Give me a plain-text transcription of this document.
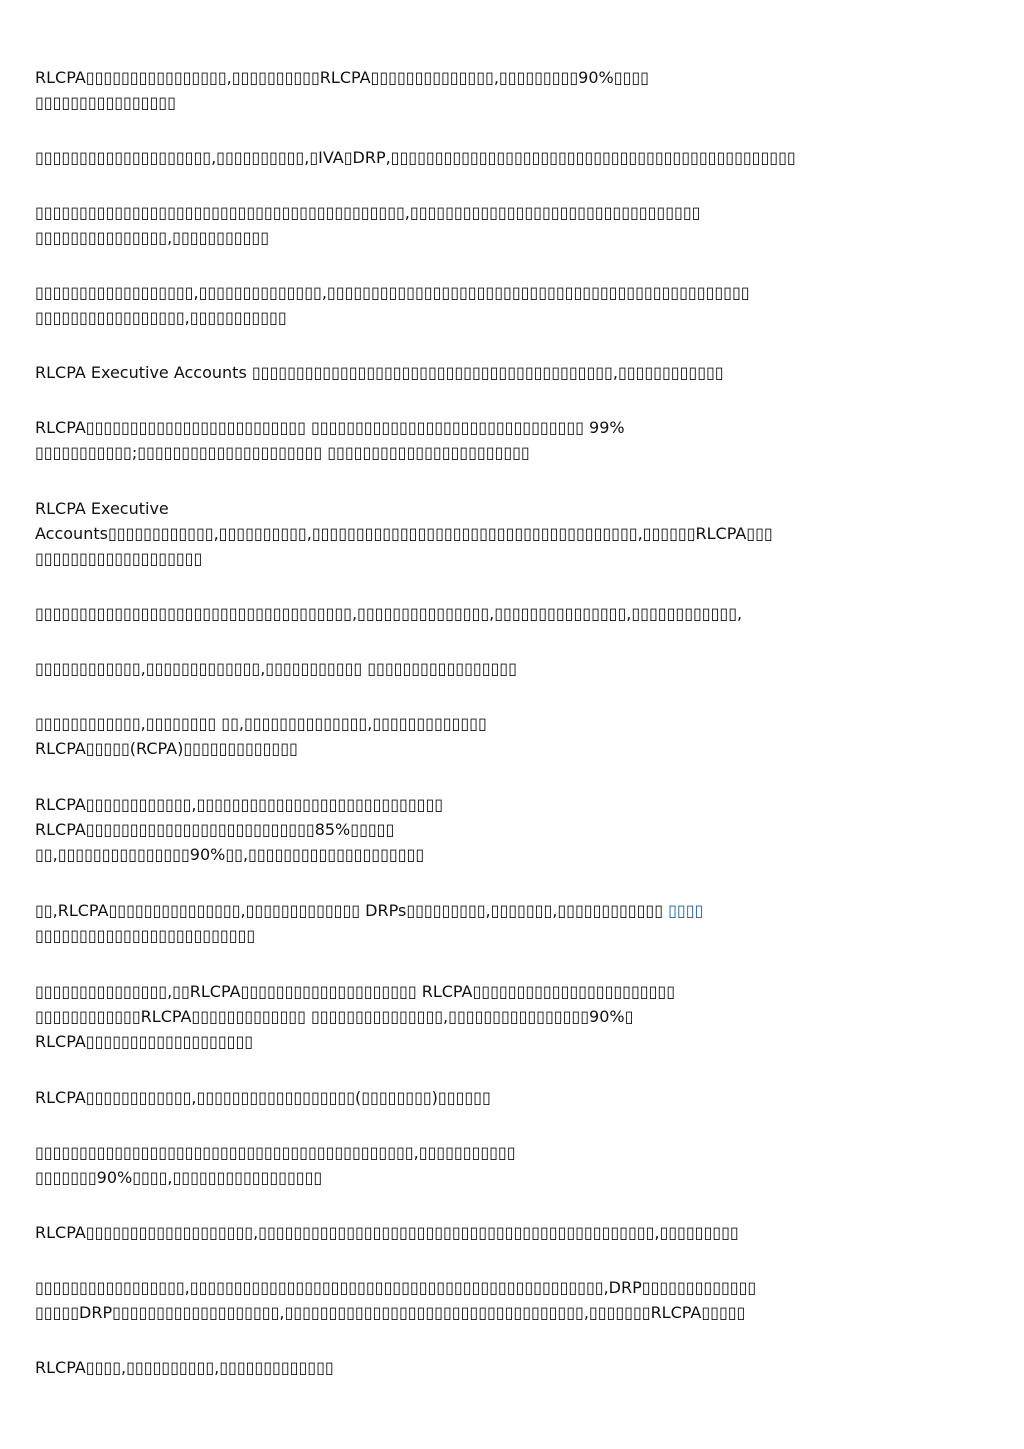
RLCPA▯▯▯▯▯▯▯▯▯▯▯▯▯▯▯▯,▯▯▯▯▯▯▯▯▯▯RLCPA▯▯▯▯▯▯▯▯▯▯▯▯▯▯,▯▯▯▯▯▯▯▯▯90%▯▯▯▯
▯▯▯▯▯▯▯▯▯▯▯▯▯▯▯▯

▯▯▯▯▯▯▯▯▯▯▯▯▯▯▯▯▯▯▯▯,▯▯▯▯▯▯▯▯▯▯,▯IVA▯DRP,▯▯▯▯▯▯▯▯▯▯▯▯▯▯▯▯▯▯▯▯▯▯▯▯▯▯▯▯▯▯▯▯▯▯▯▯▯▯▯▯▯▯▯▯▯▯

▯▯▯▯▯▯▯▯▯▯▯▯▯▯▯▯▯▯▯▯▯▯▯▯▯▯▯▯▯▯▯▯▯▯▯▯▯▯▯▯▯▯,▯▯▯▯▯▯▯▯▯▯▯▯▯▯▯▯▯▯▯▯▯▯▯▯▯▯▯▯▯▯▯▯▯
▯▯▯▯▯▯▯▯▯▯▯▯▯▯▯,▯▯▯▯▯▯▯▯▯▯▯

▯▯▯▯▯▯▯▯▯▯▯▯▯▯▯▯▯▯,▯▯▯▯▯▯▯▯▯▯▯▯▯▯,▯▯▯▯▯▯▯▯▯▯▯▯▯▯▯▯▯▯▯▯▯▯▯▯▯▯▯▯▯▯▯▯▯▯▯▯▯▯▯▯▯▯▯▯▯▯▯▯
▯▯▯▯▯▯▯▯▯▯▯▯▯▯▯▯▯,▯▯▯▯▯▯▯▯▯▯▯

RLCPA Executive Accounts ▯▯▯▯▯▯▯▯▯▯▯▯▯▯▯▯▯▯▯▯▯▯▯▯▯▯▯▯▯▯▯▯▯▯▯▯▯▯▯▯▯,▯▯▯▯▯▯▯▯▯▯▯▯

RLCPA▯▯▯▯▯▯▯▯▯▯▯▯▯▯▯▯▯▯▯▯▯▯▯▯▯ ▯▯▯▯▯▯▯▯▯▯▯▯▯▯▯▯▯▯▯▯▯▯▯▯▯▯▯▯▯▯▯ 99%
▯▯▯▯▯▯▯▯▯▯▯;▯▯▯▯▯▯▯▯▯▯▯▯▯▯▯▯▯▯▯▯▯ ▯▯▯▯▯▯▯▯▯▯▯▯▯▯▯▯▯▯▯▯▯▯▯

RLCPA Executive
Accounts▯▯▯▯▯▯▯▯▯▯▯▯,▯▯▯▯▯▯▯▯▯▯,▯▯▯▯▯▯▯▯▯▯▯▯▯▯▯▯▯▯▯▯▯▯▯▯▯▯▯▯▯▯▯▯▯▯▯▯▯,▯▯▯▯▯▯RLCPA▯▯▯
▯▯▯▯▯▯▯▯▯▯▯▯▯▯▯▯▯▯▯

▯▯▯▯▯▯▯▯▯▯▯▯▯▯▯▯▯▯▯▯▯▯▯▯▯▯▯▯▯▯▯▯▯▯▯▯,▯▯▯▯▯▯▯▯▯▯▯▯▯▯▯,▯▯▯▯▯▯▯▯▯▯▯▯▯▯▯,▯▯▯▯▯▯▯▯▯▯▯▯,

▯▯▯▯▯▯▯▯▯▯▯▯,▯▯▯▯▯▯▯▯▯▯▯▯▯,▯▯▯▯▯▯▯▯▯▯▯ ▯▯▯▯▯▯▯▯▯▯▯▯▯▯▯▯▯

▯▯▯▯▯▯▯▯▯▯▯▯,▯▯▯▯▯▯▯▯ ▯▯,▯▯▯▯▯▯▯▯▯▯▯▯▯▯,▯▯▯▯▯▯▯▯▯▯▯▯▯
RLCPA▯▯▯▯▯(RCPA)▯▯▯▯▯▯▯▯▯▯▯▯▯

RLCPA▯▯▯▯▯▯▯▯▯▯▯▯,▯▯▯▯▯▯▯▯▯▯▯▯▯▯▯▯▯▯▯▯▯▯▯▯▯▯▯▯
RLCPA▯▯▯▯▯▯▯▯▯▯▯▯▯▯▯▯▯▯▯▯▯▯▯▯▯▯85%▯▯▯▯▯
▯▯,▯▯▯▯▯▯▯▯▯▯▯▯▯▯▯90%▯▯,▯▯▯▯▯▯▯▯▯▯▯▯▯▯▯▯▯▯▯▯

▯▯,RLCPA▯▯▯▯▯▯▯▯▯▯▯▯▯▯▯,▯▯▯▯▯▯▯▯▯▯▯▯▯ DRPs▯▯▯▯▯▯▯▯▯,▯▯▯▯▯▯▯,▯▯▯▯▯▯▯▯▯▯▯▯ ▯▯▯▯
▯▯▯▯▯▯▯▯▯▯▯▯▯▯▯▯▯▯▯▯▯▯▯▯▯

▯▯▯▯▯▯▯▯▯▯▯▯▯▯▯,▯▯RLCPA▯▯▯▯▯▯▯▯▯▯▯▯▯▯▯▯▯▯▯▯ RLCPA▯▯▯▯▯▯▯▯▯▯▯▯▯▯▯▯▯▯▯▯▯▯▯
▯▯▯▯▯▯▯▯▯▯▯▯RLCPA▯▯▯▯▯▯▯▯▯▯▯▯▯ ▯▯▯▯▯▯▯▯▯▯▯▯▯▯▯,▯▯▯▯▯▯▯▯▯▯▯▯▯▯▯▯90%▯
RLCPA▯▯▯▯▯▯▯▯▯▯▯▯▯▯▯▯▯▯▯

RLCPA▯▯▯▯▯▯▯▯▯▯▯▯,▯▯▯▯▯▯▯▯▯▯▯▯▯▯▯▯▯▯(▯▯▯▯▯▯▯▯)▯▯▯▯▯▯

▯▯▯▯▯▯▯▯▯▯▯▯▯▯▯▯▯▯▯▯▯▯▯▯▯▯▯▯▯▯▯▯▯▯▯▯▯▯▯▯▯▯▯,▯▯▯▯▯▯▯▯▯▯▯
▯▯▯▯▯▯▯90%▯▯▯▯,▯▯▯▯▯▯▯▯▯▯▯▯▯▯▯▯▯

RLCPA▯▯▯▯▯▯▯▯▯▯▯▯▯▯▯▯▯▯▯,▯▯▯▯▯▯▯▯▯▯▯▯▯▯▯▯▯▯▯▯▯▯▯▯▯▯▯▯▯▯▯▯▯▯▯▯▯▯▯▯▯▯▯▯▯,▯▯▯▯▯▯▯▯▯

▯▯▯▯▯▯▯▯▯▯▯▯▯▯▯▯▯,▯▯▯▯▯▯▯▯▯▯▯▯▯▯▯▯▯▯▯▯▯▯▯▯▯▯▯▯▯▯▯▯▯▯▯▯▯▯▯▯▯▯▯▯▯▯▯,DRP▯▯▯▯▯▯▯▯▯▯▯▯▯
▯▯▯▯▯DRP▯▯▯▯▯▯▯▯▯▯▯▯▯▯▯▯▯▯▯,▯▯▯▯▯▯▯▯▯▯▯▯▯▯▯▯▯▯▯▯▯▯▯▯▯▯▯▯▯▯▯▯▯▯,▯▯▯▯▯▯▯RLCPA▯▯▯▯▯

RLCPA▯▯▯▯,▯▯▯▯▯▯▯▯▯▯,▯▯▯▯▯▯▯▯▯▯▯▯▯
